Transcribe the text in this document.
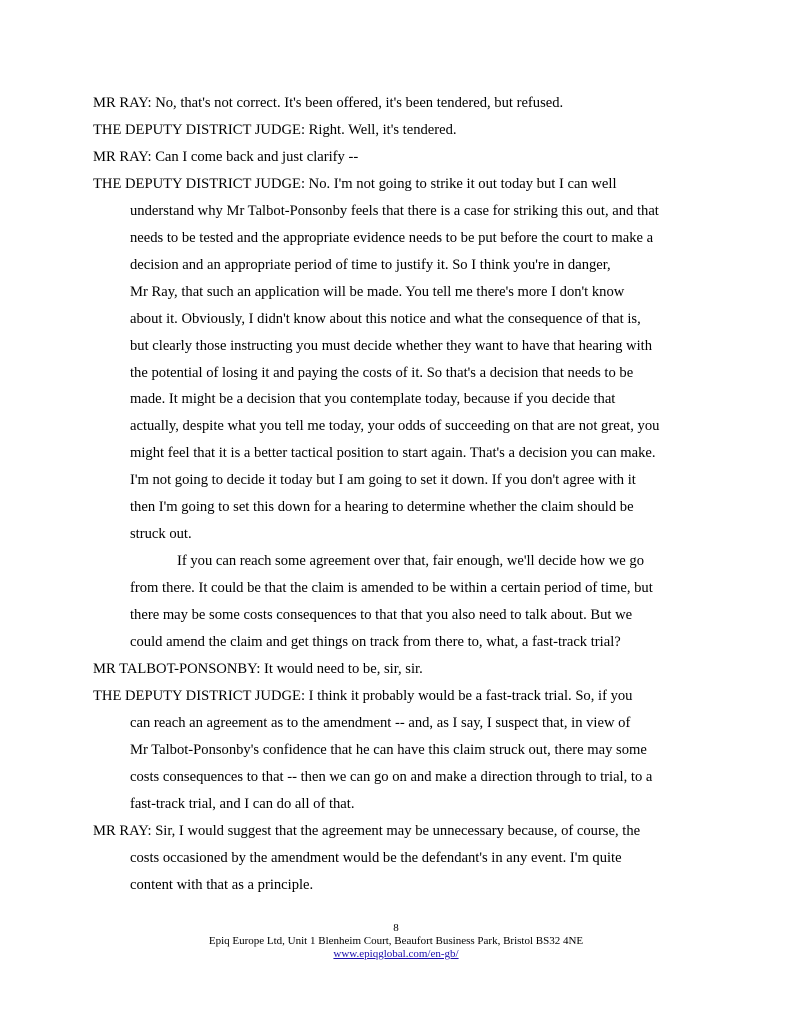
MR RAY: No, that's not correct. It's been offered, it's been tendered, but refused.
THE DEPUTY DISTRICT JUDGE: Right. Well, it's tendered.
MR RAY: Can I come back and just clarify --
THE DEPUTY DISTRICT JUDGE: No. I'm not going to strike it out today but I can well
understand why Mr Talbot-Ponsonby feels that there is a case for striking this out, and that
needs to be tested and the appropriate evidence needs to be put before the court to make a
decision and an appropriate period of time to justify it. So I think you're in danger,
Mr Ray, that such an application will be made. You tell me there's more I don't know
about it. Obviously, I didn't know about this notice and what the consequence of that is,
but clearly those instructing you must decide whether they want to have that hearing with
the potential of losing it and paying the costs of it. So that's a decision that needs to be
made. It might be a decision that you contemplate today, because if you decide that
actually, despite what you tell me today, your odds of succeeding on that are not great, you
might feel that it is a better tactical position to start again. That's a decision you can make.
I'm not going to decide it today but I am going to set it down. If you don't agree with it
then I'm going to set this down for a hearing to determine whether the claim should be
struck out.
If you can reach some agreement over that, fair enough, we'll decide how we go
from there. It could be that the claim is amended to be within a certain period of time, but
there may be some costs consequences to that that you also need to talk about. But we
could amend the claim and get things on track from there to, what, a fast-track trial?
MR TALBOT-PONSONBY: It would need to be, sir, sir.
THE DEPUTY DISTRICT JUDGE: I think it probably would be a fast-track trial. So, if you
can reach an agreement as to the amendment -- and, as I say, I suspect that, in view of
Mr Talbot-Ponsonby's confidence that he can have this claim struck out, there may some
costs consequences to that -- then we can go on and make a direction through to trial, to a
fast-track trial, and I can do all of that.
MR RAY: Sir, I would suggest that the agreement may be unnecessary because, of course, the
costs occasioned by the amendment would be the defendant's in any event. I'm quite
content with that as a principle.
8
Epiq Europe Ltd, Unit 1 Blenheim Court, Beaufort Business Park, Bristol BS32 4NE
www.epiqglobal.com/en-gb/
